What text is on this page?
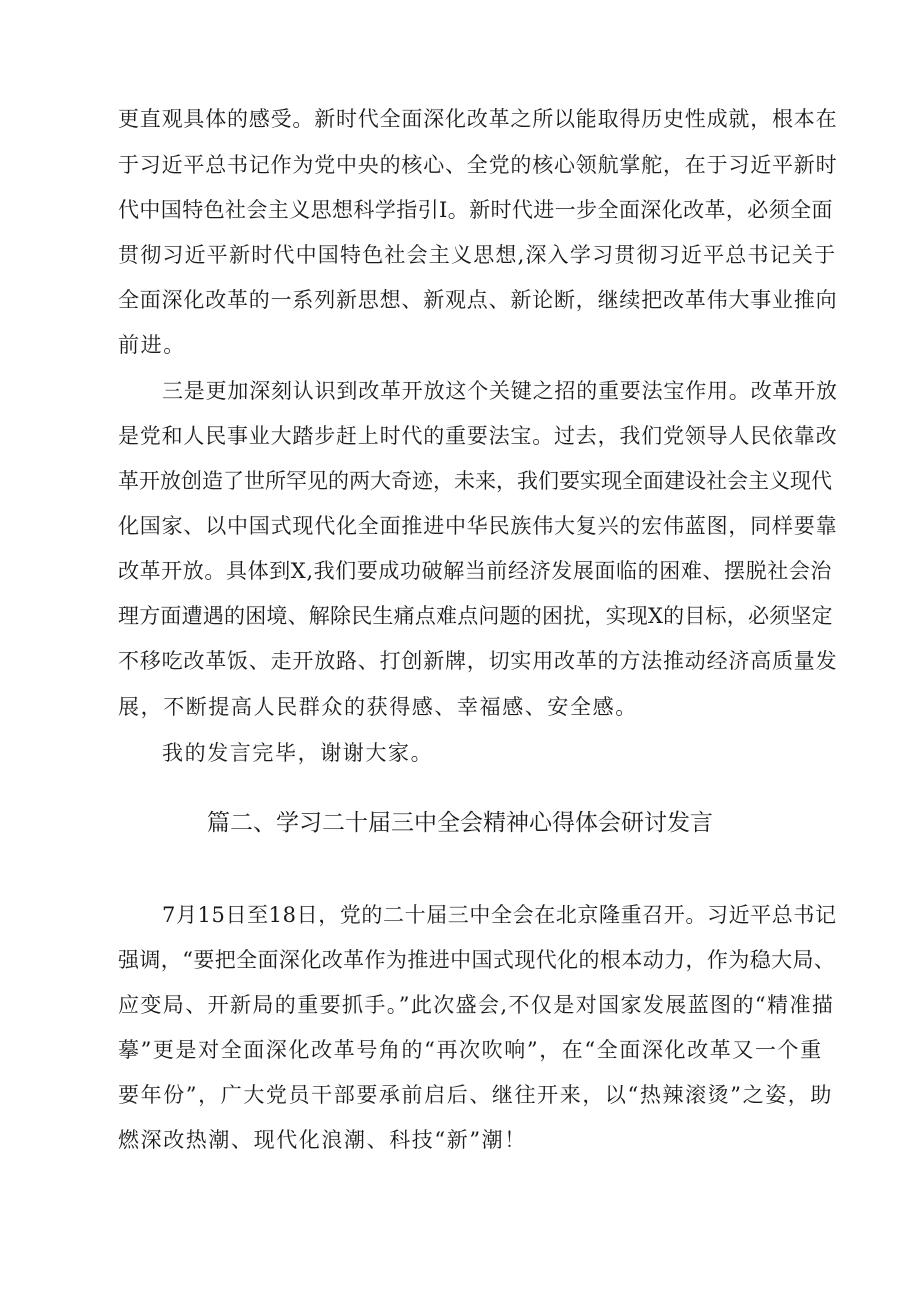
更直观具体的感受。新时代全面深化改革之所以能取得历史性成就，根本在
于习近平总书记作为党中央的核心、全党的核心领航掌舵，在于习近平新时
代中国特色社会主义思想科学指引I。新时代进一步全面深化改革，必须全面
贯彻习近平新时代中国特色社会主义思想,深入学习贯彻习近平总书记关于
全面深化改革的一系列新思想、新观点、新论断，继续把改革伟大事业推向
前进。
三是更加深刻认识到改革开放这个关键之招的重要法宝作用。改革开放
是党和人民事业大踏步赶上时代的重要法宝。过去，我们党领导人民依靠改
革开放创造了世所罕见的两大奇迹，未来，我们要实现全面建设社会主义现代
化国家、以中国式现代化全面推进中华民族伟大复兴的宏伟蓝图，同样要靠
改革开放。具体到X,我们要成功破解当前经济发展面临的困难、摆脱社会治
理方面遭遇的困境、解除民生痛点难点问题的困扰，实现X的目标，必须坚定
不移吃改革饭、走开放路、打创新牌，切实用改革的方法推动经济高质量发
展，不断提高人民群众的获得感、幸福感、安全感。
我的发言完毕，谢谢大家。
篇二、学习二十届三中全会精神心得体会研讨发言
7月15日至18日，党的二十届三中全会在北京隆重召开。习近平总书记
强调，“要把全面深化改革作为推进中国式现代化的根本动力，作为稳大局、
应变局、开新局的重要抓手。”此次盛会,不仅是对国家发展蓝图的“精准描
摹”更是对全面深化改革号角的“再次吹响”，在“全面深化改革又一个重
要年份”，广大党员干部要承前启后、继往开来，以“热辣滚烫”之姿，助
燃深改热潮、现代化浪潮、科技“新”潮！
